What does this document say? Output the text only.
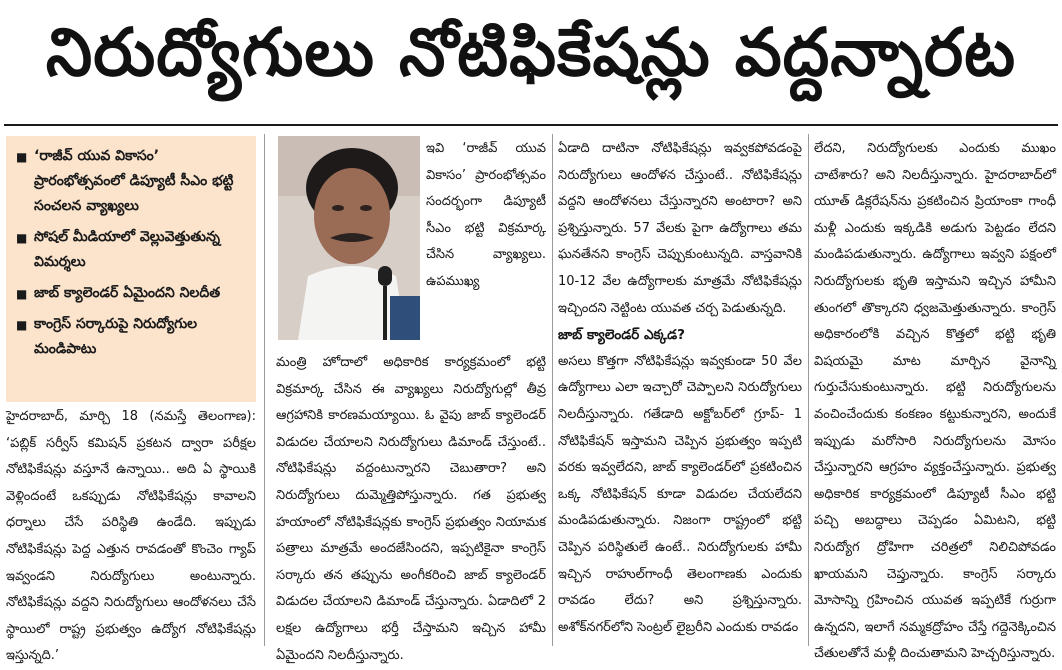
నిరుద్యోగులు నోటిఫికేషన్లు వద్దన్నారట
■ ‘రాజీవ్ యువ వికాసం’ ప్రారంభోత్సవంలో డిప్యూటీ సీఎం భట్టి సంచలన వ్యాఖ్యలు
■ సోషల్ మీడియాలో వెల్లువెత్తుతున్న విమర్శలు
■ జాబ్ క్యాలెండర్ ఏమైందని నిలదీత
■ కాంగ్రెస్ సర్కారుపై నిరుద్యోగుల మండిపాటు

హైదరాబాద్, మార్చి 18 (నమస్తే తెలంగాణ): ‘పబ్లిక్ సర్వీస్ కమిషన్ ప్రకటన ద్వారా పరీక్షల నోటిఫికేషన్లు వస్తూనే ఉన్నాయి.. అది ఏ స్థాయికి వెళ్లిందంటే ఒకప్పుడు నోటిఫికేషన్లు కావాలని ధర్నాలు చేసే పరిస్థితి ఉండేది. ఇప్పుడు నోటిఫికేషన్లు పెద్ద ఎత్తున రావడంతో కొంచెం గ్యాప్ ఇవ్వండని నిరుద్యోగులు అంటున్నారు. నోటిఫికేషన్లు వద్దని నిరుద్యోగులు ఆందోళనలు చేసే స్థాయిలో రాష్ట్ర ప్రభుత్వం ఉద్యోగ నోటిఫికేషన్లు ఇస్తున్నది.’

ఇవి ‘రాజీవ్ యువ వికాసం’ ప్రారంభోత్సవం సందర్భంగా డిప్యూటీ సీఎం భట్టి విక్రమార్క చేసిన వ్యాఖ్యలు. ఉపముఖ్య

మంత్రి హోదాలో అధికారిక కార్యక్రమంలో భట్టి విక్రమార్క చేసిన ఈ వ్యాఖ్యలు నిరుద్యోగుల్లో తీవ్ర ఆగ్రహానికి కారణమయ్యాయి. ఓ వైపు జాబ్ క్యాలెండర్ విడుదల చేయాలని నిరుద్యోగులు డిమాండ్ చేస్తుంటే.. నోటిఫికేషన్లు వద్దంటున్నారని చెబుతారా? అని నిరుద్యోగులు దుమ్మెత్తిపోస్తున్నారు. గత ప్రభుత్వ హయాంలో నోటిఫికేషన్లకు కాంగ్రెస్ ప్రభుత్వం నియామక పత్రాలు మాత్రమే అందజేసిందని, ఇప్పటికైనా కాంగ్రెస్ సర్కారు తన తప్పును అంగీకరించి జాబ్ క్యాలెండర్ విడుదల చేయాలని డిమాండ్ చేస్తున్నారు. ఏడాదిలో 2 లక్షల ఉద్యోగాలు భర్తీ చేస్తామని ఇచ్చిన హామీ ఏమైందని నిలదీస్తున్నారు.

ఏడాది దాటినా నోటిఫికేషన్లు ఇవ్వకపోవడంపై నిరుద్యోగులు ఆందోళన చేస్తుంటే.. నోటిఫికేషన్లు వద్దని ఆందోళనలు చేస్తున్నారని అంటారా? అని ప్రశ్నిస్తున్నారు. 57 వేలకు పైగా ఉద్యోగాలు తమ ఘనతేనని కాంగ్రెస్ చెప్పుకుంటున్నది. వాస్తవానికి 10-12 వేల ఉద్యోగాలకు మాత్రమే నోటిఫికేషన్లు ఇచ్చిందని నెట్టింట యువత చర్చ పెడుతున్నది.

జాబ్ క్యాలెండర్ ఎక్కడ?

అసలు కొత్తగా నోటిఫికేషన్లు ఇవ్వకుండా 50 వేల ఉద్యోగాలు ఎలా ఇచ్చారో చెప్పాలని నిరుద్యోగులు నిలదీస్తున్నారు. గతేడాది అక్టోబర్‌లో గ్రూప్- 1 నోటిఫికేషన్ ఇస్తామని చెప్పిన ప్రభుత్వం ఇప్పటి వరకు ఇవ్వలేదని, జాబ్ క్యాలెండర్‌లో ప్రకటించిన ఒక్క నోటిఫికేషన్ కూడా విడుదల చేయలేదని మండిపడుతున్నారు. నిజంగా రాష్ట్రంలో భట్టి చెప్పిన పరిస్థితులే ఉంటే.. నిరుద్యోగులకు హామీ ఇచ్చిన రాహుల్‌గాంధీ తెలంగాణకు ఎందుకు రావడం లేదు? అని ప్రశ్నిస్తున్నారు. అశోక్‌నగర్‌లోని సెంట్రల్ లైబ్రరీని ఎందుకు రావడం

లేదని, నిరుద్యోగులకు ఎందుకు ముఖం చాటేశారు? అని నిలదీస్తున్నారు. హైదరాబాద్‌లో యూత్ డిక్లరేషన్‌ను ప్రకటించిన ప్రియాంకా గాంధీ మళ్లీ ఎందుకు ఇక్కడికి అడుగు పెట్టడం లేదని మండిపడుతున్నారు. ఉద్యోగాలు ఇవ్వని పక్షంలో నిరుద్యోగులకు భృతి ఇస్తామని ఇచ్చిన హామీని తుంగలో తొక్కారని ధ్వజమెత్తుతున్నారు. కాంగ్రెస్ అధికారంలోకి వచ్చిన కొత్తలో భట్టి భృతి విషయమై మాట మార్చిన వైనాన్ని గుర్తుచేసుకుంటున్నారు. భట్టి నిరుద్యోగులను వంచించేందుకు కంకణం కట్టుకున్నారని, అందుకే ఇప్పుడు మరోసారి నిరుద్యోగులను మోసం చేస్తున్నారని ఆగ్రహం వ్యక్తంచేస్తున్నారు. ప్రభుత్వ అధికారిక కార్యక్రమంలో డిప్యూటీ సీఎం భట్టి పచ్చి అబద్ధాలు చెప్పడం ఏమిటని, భట్టి నిరుద్యోగ ద్రోహిగా చరిత్రలో నిలిచిపోవడం ఖాయమని చెప్తున్నారు. కాంగ్రెస్ సర్కారు మోసాన్ని గ్రహించిన యువత ఇప్పటికే గుర్రుగా ఉన్నదని, ఇలాగే నమ్మకద్రోహం చేస్తే గద్దెనెక్కించిన చేతులతోనే మళ్లీ దించుతామని హెచ్చరిస్తున్నారు.
